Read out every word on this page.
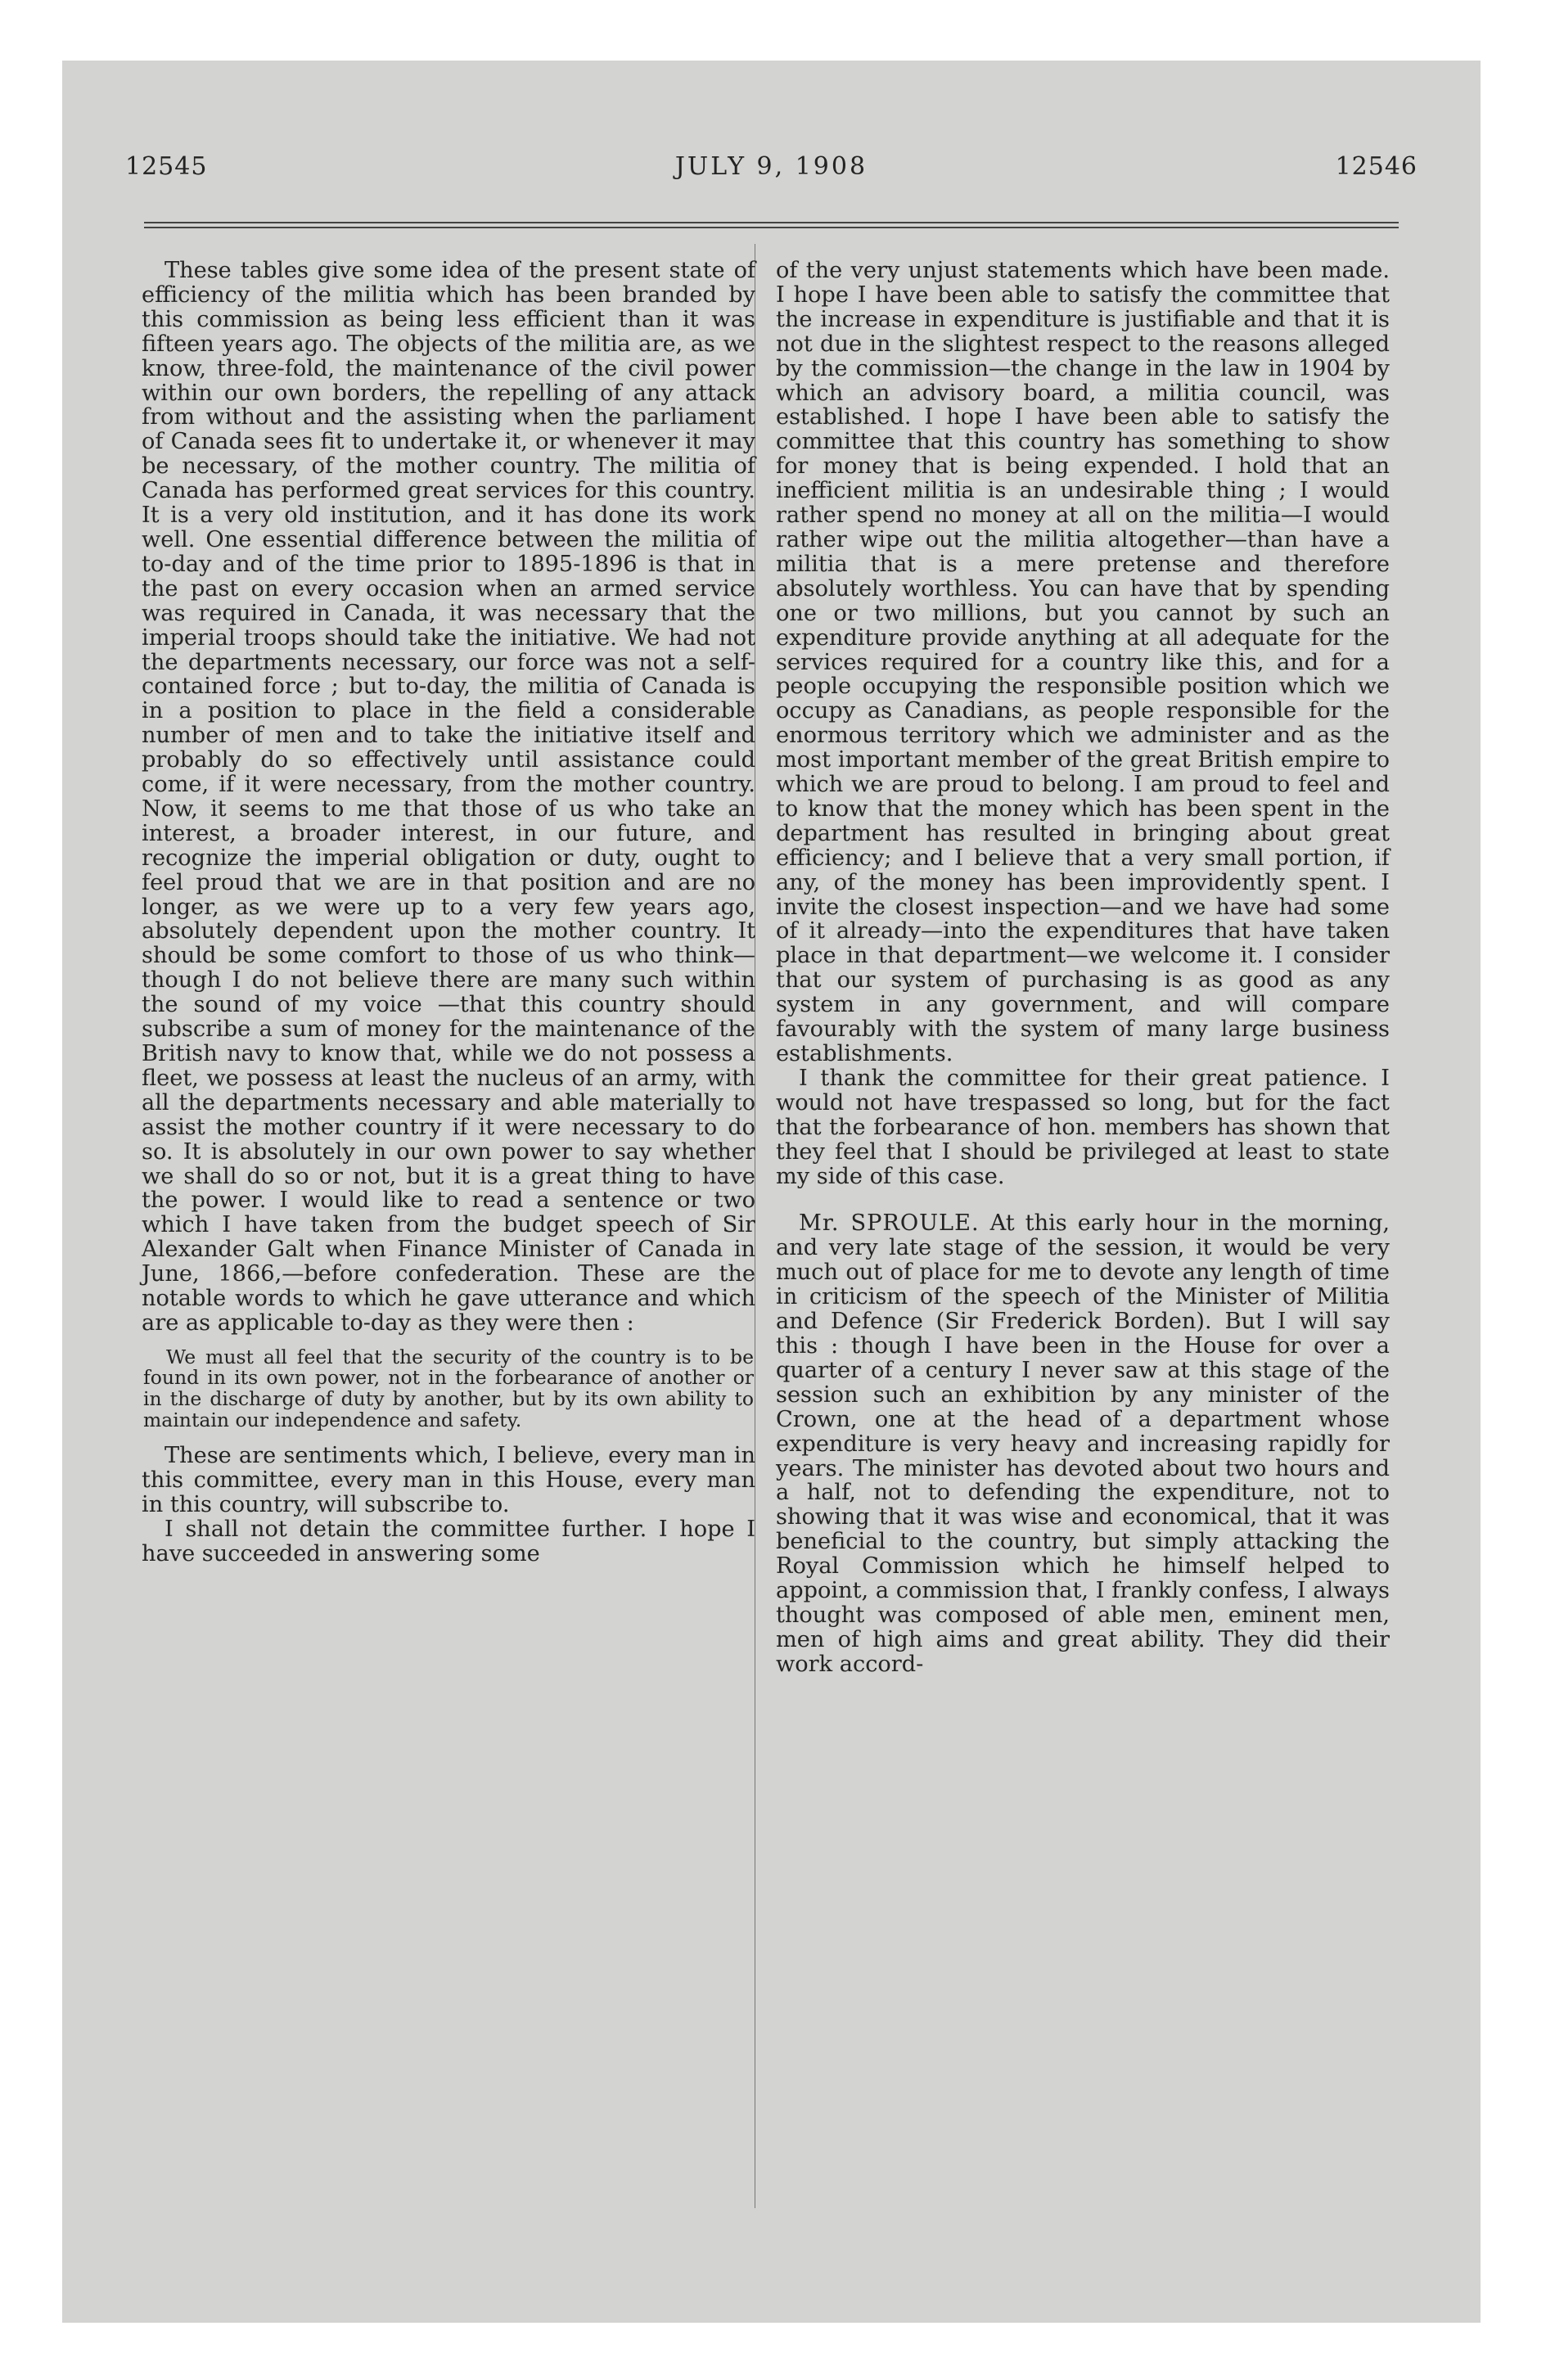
12545	JULY 9, 1908	12546

These tables give some idea of the present state of efficiency of the militia which has been branded by this commission as being less efficient than it was fifteen years ago. The objects of the militia are, as we know, three-fold, the maintenance of the civil power within our own borders, the repelling of any attack from without and the assisting when the parliament of Canada sees fit to undertake it, or whenever it may be necessary, of the mother country. The militia of Canada has performed great services for this country. It is a very old institution, and it has done its work well. One essential difference between the militia of to-day and of the time prior to 1895-1896 is that in the past on every occasion when an armed service was required in Canada, it was necessary that the imperial troops should take the initiative. We had not the departments necessary, our force was not a self-contained force ; but to-day, the militia of Canada is in a position to place in the field a considerable number of men and to take the initiative itself and probably do so effectively until assistance could come, if it were necessary, from the mother country. Now, it seems to me that those of us who take an interest, a broader interest, in our future, and recognize the imperial obligation or duty, ought to feel proud that we are in that position and are no longer, as we were up to a very few years ago, absolutely dependent upon the mother country. It should be some comfort to those of us who think—though I do not believe there are many such within the sound of my voice —that this country should subscribe a sum of money for the maintenance of the British navy to know that, while we do not possess a fleet, we possess at least the nucleus of an army, with all the departments necessary and able materially to assist the mother country if it were necessary to do so. It is absolutely in our own power to say whether we shall do so or not, but it is a great thing to have the power. I would like to read a sentence or two which I have taken from the budget speech of Sir Alexander Galt when Finance Minister of Canada in June, 1866,—before confederation. These are the notable words to which he gave utterance and which are as applicable to-day as they were then :

We must all feel that the security of the country is to be found in its own power, not in the forbearance of another or in the discharge of duty by another, but by its own ability to maintain our independence and safety.

These are sentiments which, I believe, every man in this committee, every man in this House, every man in this country, will subscribe to.

I shall not detain the committee further. I hope I have succeeded in answering some

of the very unjust statements which have been made. I hope I have been able to satisfy the committee that the increase in expenditure is justifiable and that it is not due in the slightest respect to the reasons alleged by the commission—the change in the law in 1904 by which an advisory board, a militia council, was established. I hope I have been able to satisfy the committee that this country has something to show for money that is being expended. I hold that an inefficient militia is an undesirable thing ; I would rather spend no money at all on the militia—I would rather wipe out the militia altogether—than have a militia that is a mere pretense and therefore absolutely worthless. You can have that by spending one or two millions, but you cannot by such an expenditure provide anything at all adequate for the services required for a country like this, and for a people occupying the responsible position which we occupy as Canadians, as people responsible for the enormous territory which we administer and as the most important member of the great British empire to which we are proud to belong. I am proud to feel and to know that the money which has been spent in the department has resulted in bringing about great efficiency; and I believe that a very small portion, if any, of the money has been improvidently spent. I invite the closest inspection—and we have had some of it already—into the expenditures that have taken place in that department—we welcome it. I consider that our system of purchasing is as good as any system in any government, and will compare favourably with the system of many large business establishments.

I thank the committee for their great patience. I would not have trespassed so long, but for the fact that the forbearance of hon. members has shown that they feel that I should be privileged at least to state my side of this case.

Mr. SPROULE. At this early hour in the morning, and very late stage of the session, it would be very much out of place for me to devote any length of time in criticism of the speech of the Minister of Militia and Defence (Sir Frederick Borden). But I will say this : though I have been in the House for over a quarter of a century I never saw at this stage of the session such an exhibition by any minister of the Crown, one at the head of a department whose expenditure is very heavy and increasing rapidly for years. The minister has devoted about two hours and a half, not to defending the expenditure, not to showing that it was wise and economical, that it was beneficial to the country, but simply attacking the Royal Commission which he himself helped to appoint, a commission that, I frankly confess, I always thought was composed of able men, eminent men, men of high aims and great ability. They did their work accord-
